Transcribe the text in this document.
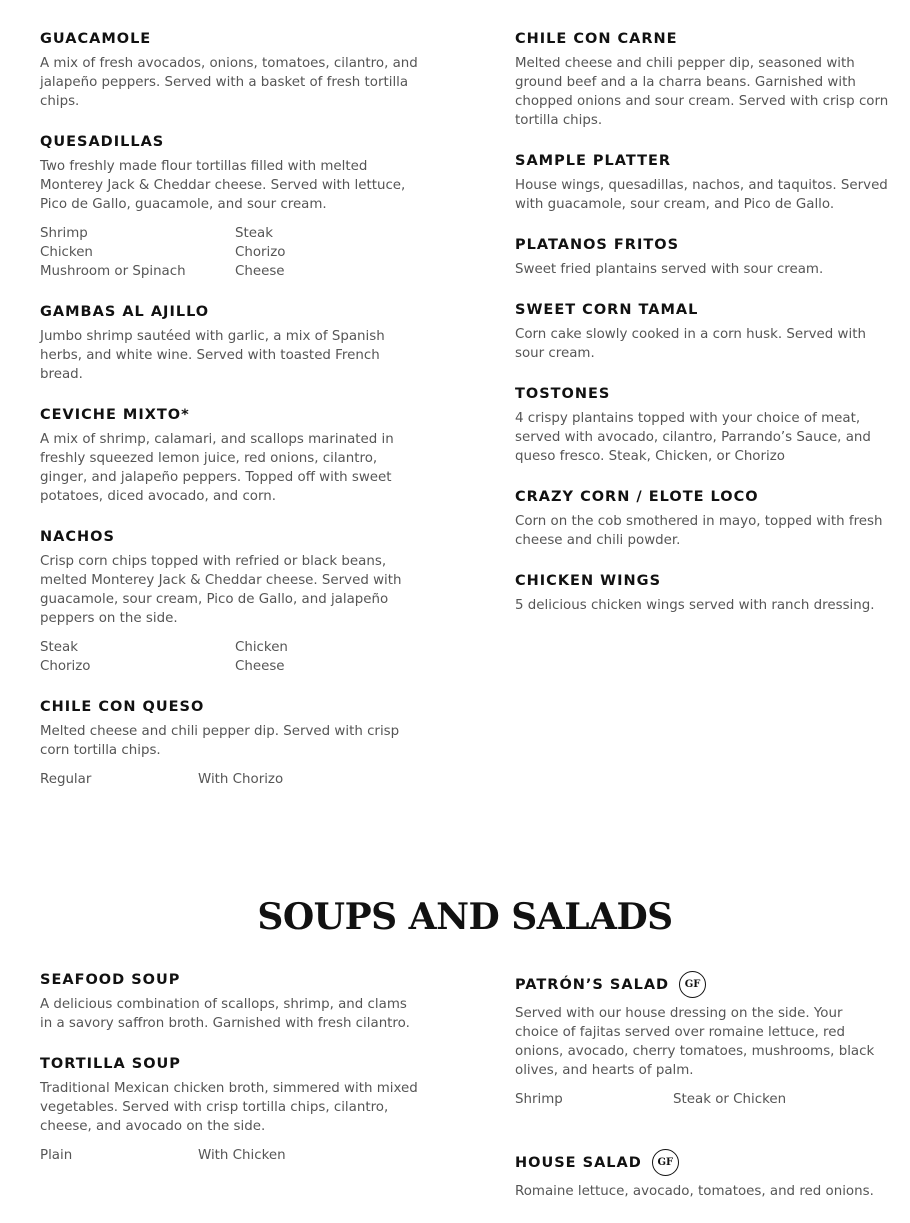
GUACAMOLE

A mix of fresh avocados, onions, tomatoes, cilantro, and jalapeño peppers. Served with a basket of fresh tortilla chips.

QUESADILLAS

Two freshly made flour tortillas filled with melted Monterey Jack & Cheddar cheese. Served with lettuce, Pico de Gallo, guacamole, and sour cream.

Shrimp	Steak
Chicken	Chorizo
Mushroom or Spinach	Cheese
GAMBAS AL AJILLO

Jumbo shrimp sautéed with garlic, a mix of Spanish herbs, and white wine. Served with toasted French bread.

CEVICHE MIXTO*

A mix of shrimp, calamari, and scallops marinated in freshly squeezed lemon juice, red onions, cilantro, ginger, and jalapeño peppers. Topped off with sweet potatoes, diced avocado, and corn.

NACHOS

Crisp corn chips topped with refried or black beans, melted Monterey Jack & Cheddar cheese. Served with guacamole, sour cream, Pico de Gallo, and jalapeño peppers on the side.

Steak	Chicken
Chorizo	Cheese
CHILE CON QUESO

Melted cheese and chili pepper dip. Served with crisp corn tortilla chips.

Regular	With Chorizo
CHILE CON CARNE

Melted cheese and chili pepper dip, seasoned with ground beef and a la charra beans. Garnished with chopped onions and sour cream. Served with crisp corn tortilla chips.

SAMPLE PLATTER

House wings, quesadillas, nachos, and taquitos. Served with guacamole, sour cream, and Pico de Gallo.

PLATANOS FRITOS

Sweet fried plantains served with sour cream.

SWEET CORN TAMAL

Corn cake slowly cooked in a corn husk. Served with sour cream.

TOSTONES

4 crispy plantains topped with your choice of meat, served with avocado, cilantro, Parrando’s Sauce, and queso fresco. Steak, Chicken, or Chorizo

CRAZY CORN / ELOTE LOCO

Corn on the cob smothered in mayo, topped with fresh cheese and chili powder.

CHICKEN WINGS

5 delicious chicken wings served with ranch dressing.

SOUPS AND SALADS
SEAFOOD SOUP

A delicious combination of scallops, shrimp, and clams in a savory saffron broth. Garnished with fresh cilantro.

TORTILLA SOUP

Traditional Mexican chicken broth, simmered with mixed vegetables. Served with crisp tortilla chips, cilantro, cheese, and avocado on the side.

Plain	With Chicken
PATRÓN’S SALAD	GF

Served with our house dressing on the side. Your choice of fajitas served over romaine lettuce, red onions, avocado, cherry tomatoes, mushrooms, black olives, and hearts of palm.

Shrimp	Steak or Chicken
HOUSE SALAD	GF

Romaine lettuce, avocado, tomatoes, and red onions.
